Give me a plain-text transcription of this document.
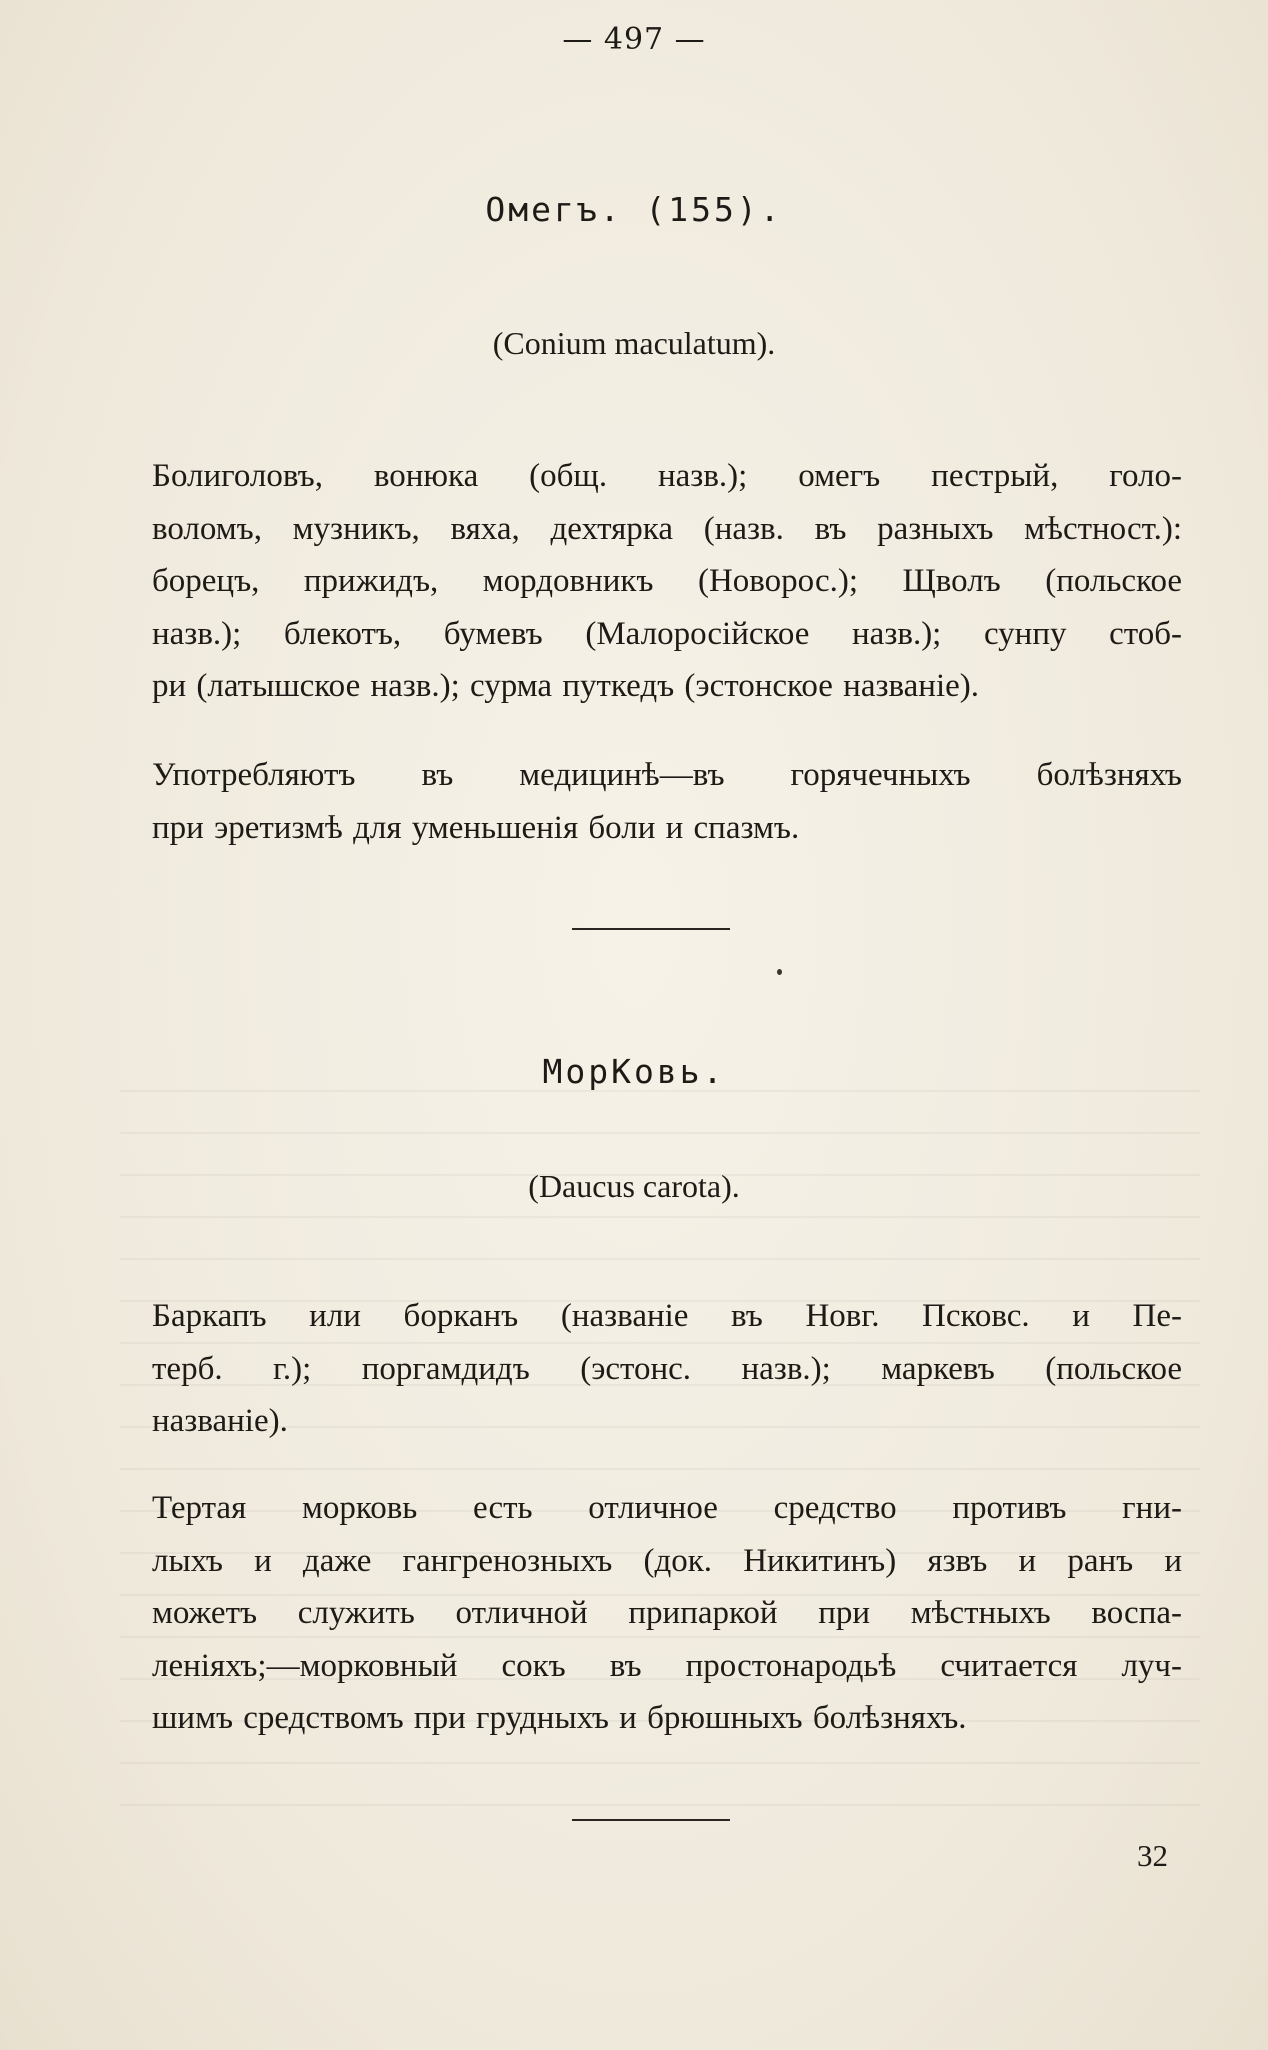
— 497 —
Омегъ. (155).
(Conium maculatum).

Болиголовъ, вонюка (общ. назв.); омегъ пестрый, голо-
воломъ, музникъ, вяха, дехтярка (назв. въ разныхъ мѣстност.):
борецъ, прижидъ, мордовникъ (Новорос.); Щволъ (польское
назв.); блекотъ, бумевъ (Малоросійское назв.); сунпу стоб-
ри (латышское назв.); сурма путкедъ (эстонское названіе).

Употребляютъ въ медицинѣ—въ горячечныхъ болѣзняхъ
при эретизмѣ для уменьшенія боли и спазмъ.

МорКовь.
(Daucus carota).

Баркапъ или борканъ (названіе въ Новг. Псковс. и Пе-
терб. г.); поргамдидъ (эстонс. назв.); маркевъ (польское
названіе).

Тертая морковь есть отличное средство противъ гни-
лыхъ и даже гангренозныхъ (док. Никитинъ) язвъ и ранъ и
можетъ служить отличной припаркой при мѣстныхъ воспа-
леніяхъ;—морковный сокъ въ простонародьѣ считается луч-
шимъ средствомъ при грудныхъ и брюшныхъ болѣзняхъ.

32
